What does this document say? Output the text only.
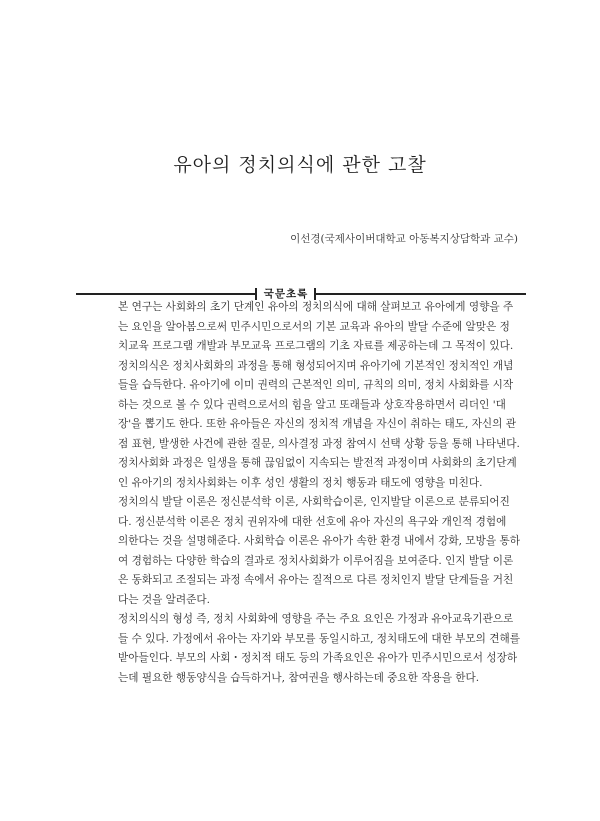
유아의 정치의식에 관한 고찰
이선경(국제사이버대학교 아동복지상담학과 교수)
국문초록
본 연구는 사회화의 초기 단계인 유아의 정치의식에 대해 살펴보고 유아에게 영향을 주
는 요인을 알아봄으로써 민주시민으로서의 기본 교육과 유아의 발달 수준에 알맞은 정
치교육 프로그램 개발과 부모교육 프로그램의 기초 자료를 제공하는데 그 목적이 있다.
정치의식은 정치사회화의 과정을 통해 형성되어지며 유아기에 기본적인 정치적인 개념
들을 습득한다. 유아기에 이미 권력의 근본적인 의미, 규칙의 의미, 정치 사회화를 시작
하는 것으로 볼 수 있다 권력으로서의 힘을 알고 또래들과 상호작용하면서 리더인 '대
장'을 뽑기도 한다. 또한 유아들은 자신의 정치적 개념을 자신이 취하는 태도, 자신의 관
점 표현, 발생한 사건에 관한 질문, 의사결정 과정 참여시 선택 상황 등을 통해 나타낸다.
정치사회화 과정은 일생을 통해 끊임없이 지속되는 발전적 과정이며 사회화의 초기단계
인 유아기의 정치사회화는 이후 성인 생활의 정치 행동과 태도에 영향을 미친다.
정치의식 발달 이론은 정신분석학 이론, 사회학습이론, 인지발달 이론으로 분류되어진
다. 정신분석학 이론은 정치 권위자에 대한 선호에 유아 자신의 욕구와 개인적 경험에
의한다는 것을 설명해준다. 사회학습 이론은 유아가 속한 환경 내에서 강화, 모방을 통하
여 경험하는 다양한 학습의 결과로 정치사회화가 이루어짐을 보여준다. 인지 발달 이론
은 동화되고 조절되는 과정 속에서 유아는 질적으로 다른 정치인지 발달 단계들을 거친
다는 것을 알려준다.
정치의식의 형성 즉, 정치 사회화에 영향을 주는 주요 요인은 가정과 유아교육기관으로
들 수 있다. 가정에서 유아는 자기와 부모를 동일시하고, 정치태도에 대한 부모의 견해를
받아들인다. 부모의 사회・정치적 태도 등의 가족요인은 유아가 민주시민으로서 성장하
는데 필요한 행동양식을 습득하거나, 참여권을 행사하는데 중요한 작용을 한다.
